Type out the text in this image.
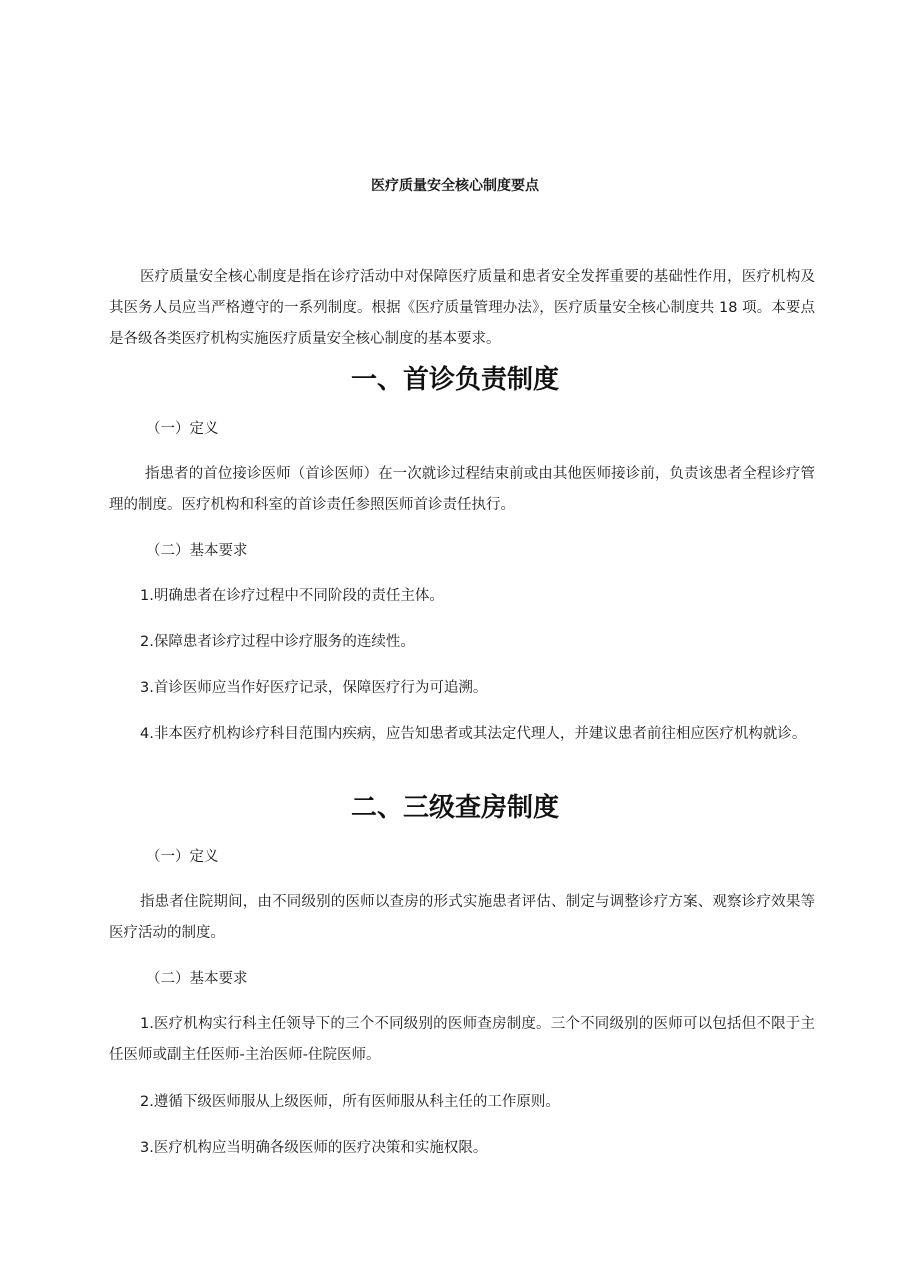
医疗质量安全核心制度要点

医疗质量安全核心制度是指在诊疗活动中对保障医疗质量和患者安全发挥重要的基础性作用，医疗机构及其医务人员应当严格遵守的一系列制度。根据《医疗质量管理办法》，医疗质量安全核心制度共 18 项。本要点是各级各类医疗机构实施医疗质量安全核心制度的基本要求。

一、首诊负责制度

（一）定义

指患者的首位接诊医师（首诊医师）在一次就诊过程结束前或由其他医师接诊前，负责该患者全程诊疗管理的制度。医疗机构和科室的首诊责任参照医师首诊责任执行。

（二）基本要求

1.明确患者在诊疗过程中不同阶段的责任主体。

2.保障患者诊疗过程中诊疗服务的连续性。

3.首诊医师应当作好医疗记录，保障医疗行为可追溯。

4.非本医疗机构诊疗科目范围内疾病，应告知患者或其法定代理人，并建议患者前往相应医疗机构就诊。

二、三级查房制度

（一）定义

指患者住院期间，由不同级别的医师以查房的形式实施患者评估、制定与调整诊疗方案、观察诊疗效果等医疗活动的制度。

（二）基本要求

1.医疗机构实行科主任领导下的三个不同级别的医师查房制度。三个不同级别的医师可以包括但不限于主任医师或副主任医师-主治医师-住院医师。

2.遵循下级医师服从上级医师，所有医师服从科主任的工作原则。

3.医疗机构应当明确各级医师的医疗决策和实施权限。
